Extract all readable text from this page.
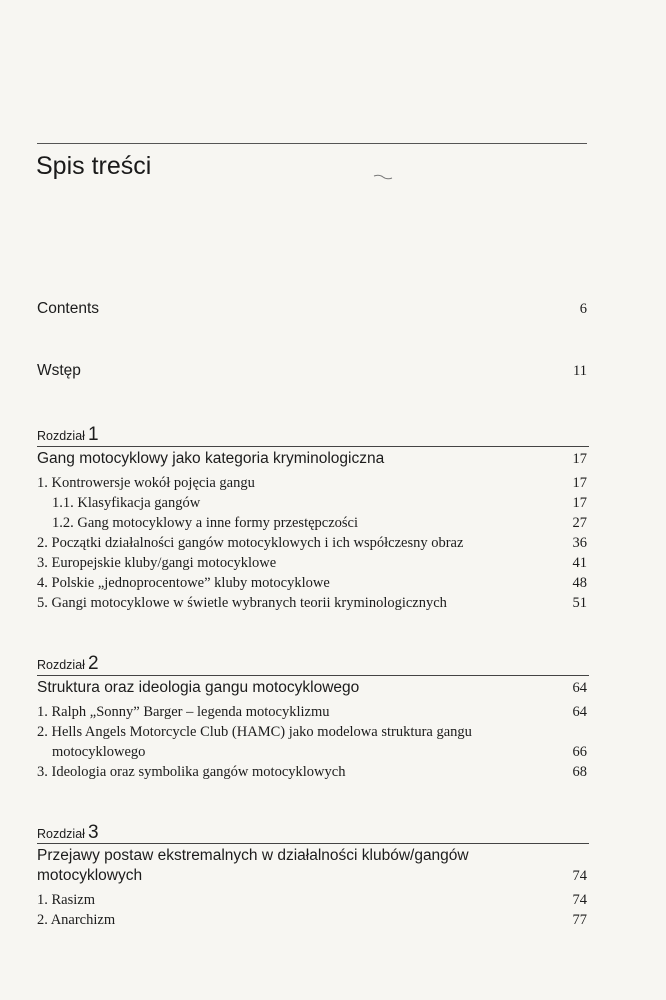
Spis treści
Contents	6
Wstęp	11
Rozdział 1
Gang motocyklowy jako kategoria kryminologiczna	17
1. Kontrowersje wokół pojęcia gangu	17
1.1. Klasyfikacja gangów	17
1.2. Gang motocyklowy a inne formy przestępczości	27
2. Początki działalności gangów motocyklowych i ich współczesny obraz	36
3. Europejskie kluby/gangi motocyklowe	41
4. Polskie „jednoprocentowe” kluby motocyklowe	48
5. Gangi motocyklowe w świetle wybranych teorii kryminologicznych	51
Rozdział 2
Struktura oraz ideologia gangu motocyklowego	64
1. Ralph „Sonny” Barger – legenda motocyklizmu	64
2. Hells Angels Motorcycle Club (HAMC) jako modelowa struktura gangu
motocyklowego	66
3. Ideologia oraz symbolika gangów motocyklowych	68
Rozdział 3
Przejawy postaw ekstremalnych w działalności klubów/gangów
motocyklowych	74
1. Rasizm	74
2. Anarchizm	77
